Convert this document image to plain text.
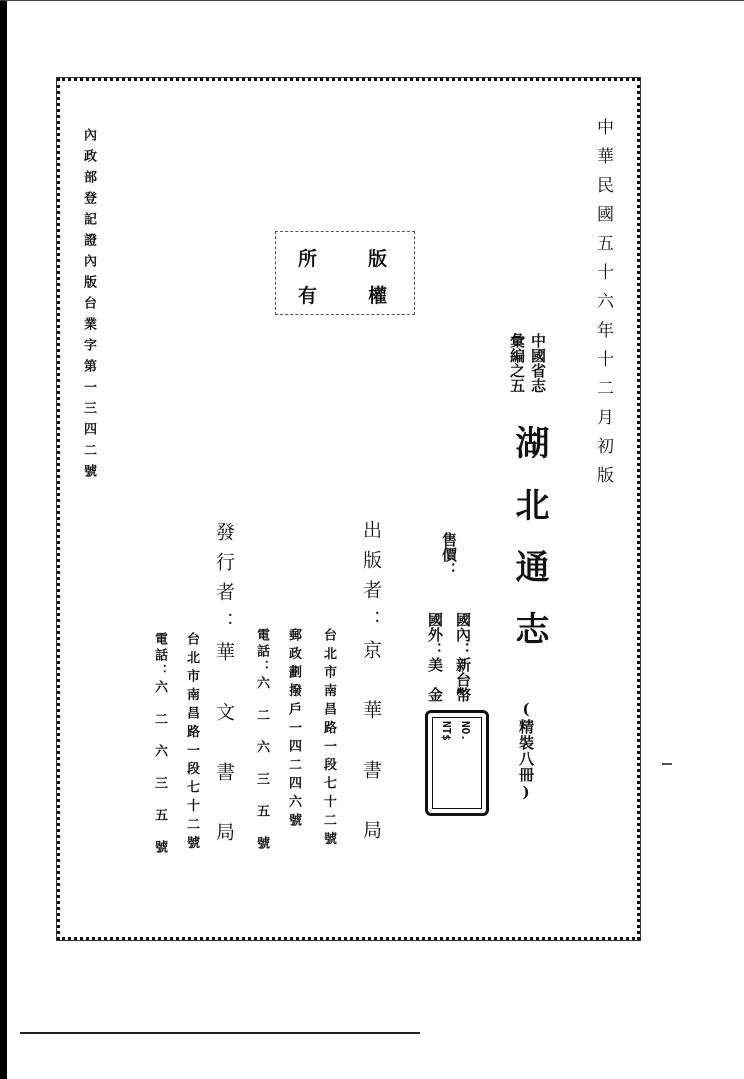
內政部登記證內版台業字第一三四二號	中華民國五十六年十二月初版
版
權
所
有
中國省志
彙編之五
湖北通志
(精裝八冊)
售價：
國內：新台幣
國外：美　金
NO.
NT$
出版者：京　華　書　局
台北市南昌路一段七十二號
郵政劃撥戶一四二四六號
電話：六　二　六　三　五　號
發行者：華　文　書　局
台北市南昌路一段七十二號
電話：六　二　六　三　五　號
